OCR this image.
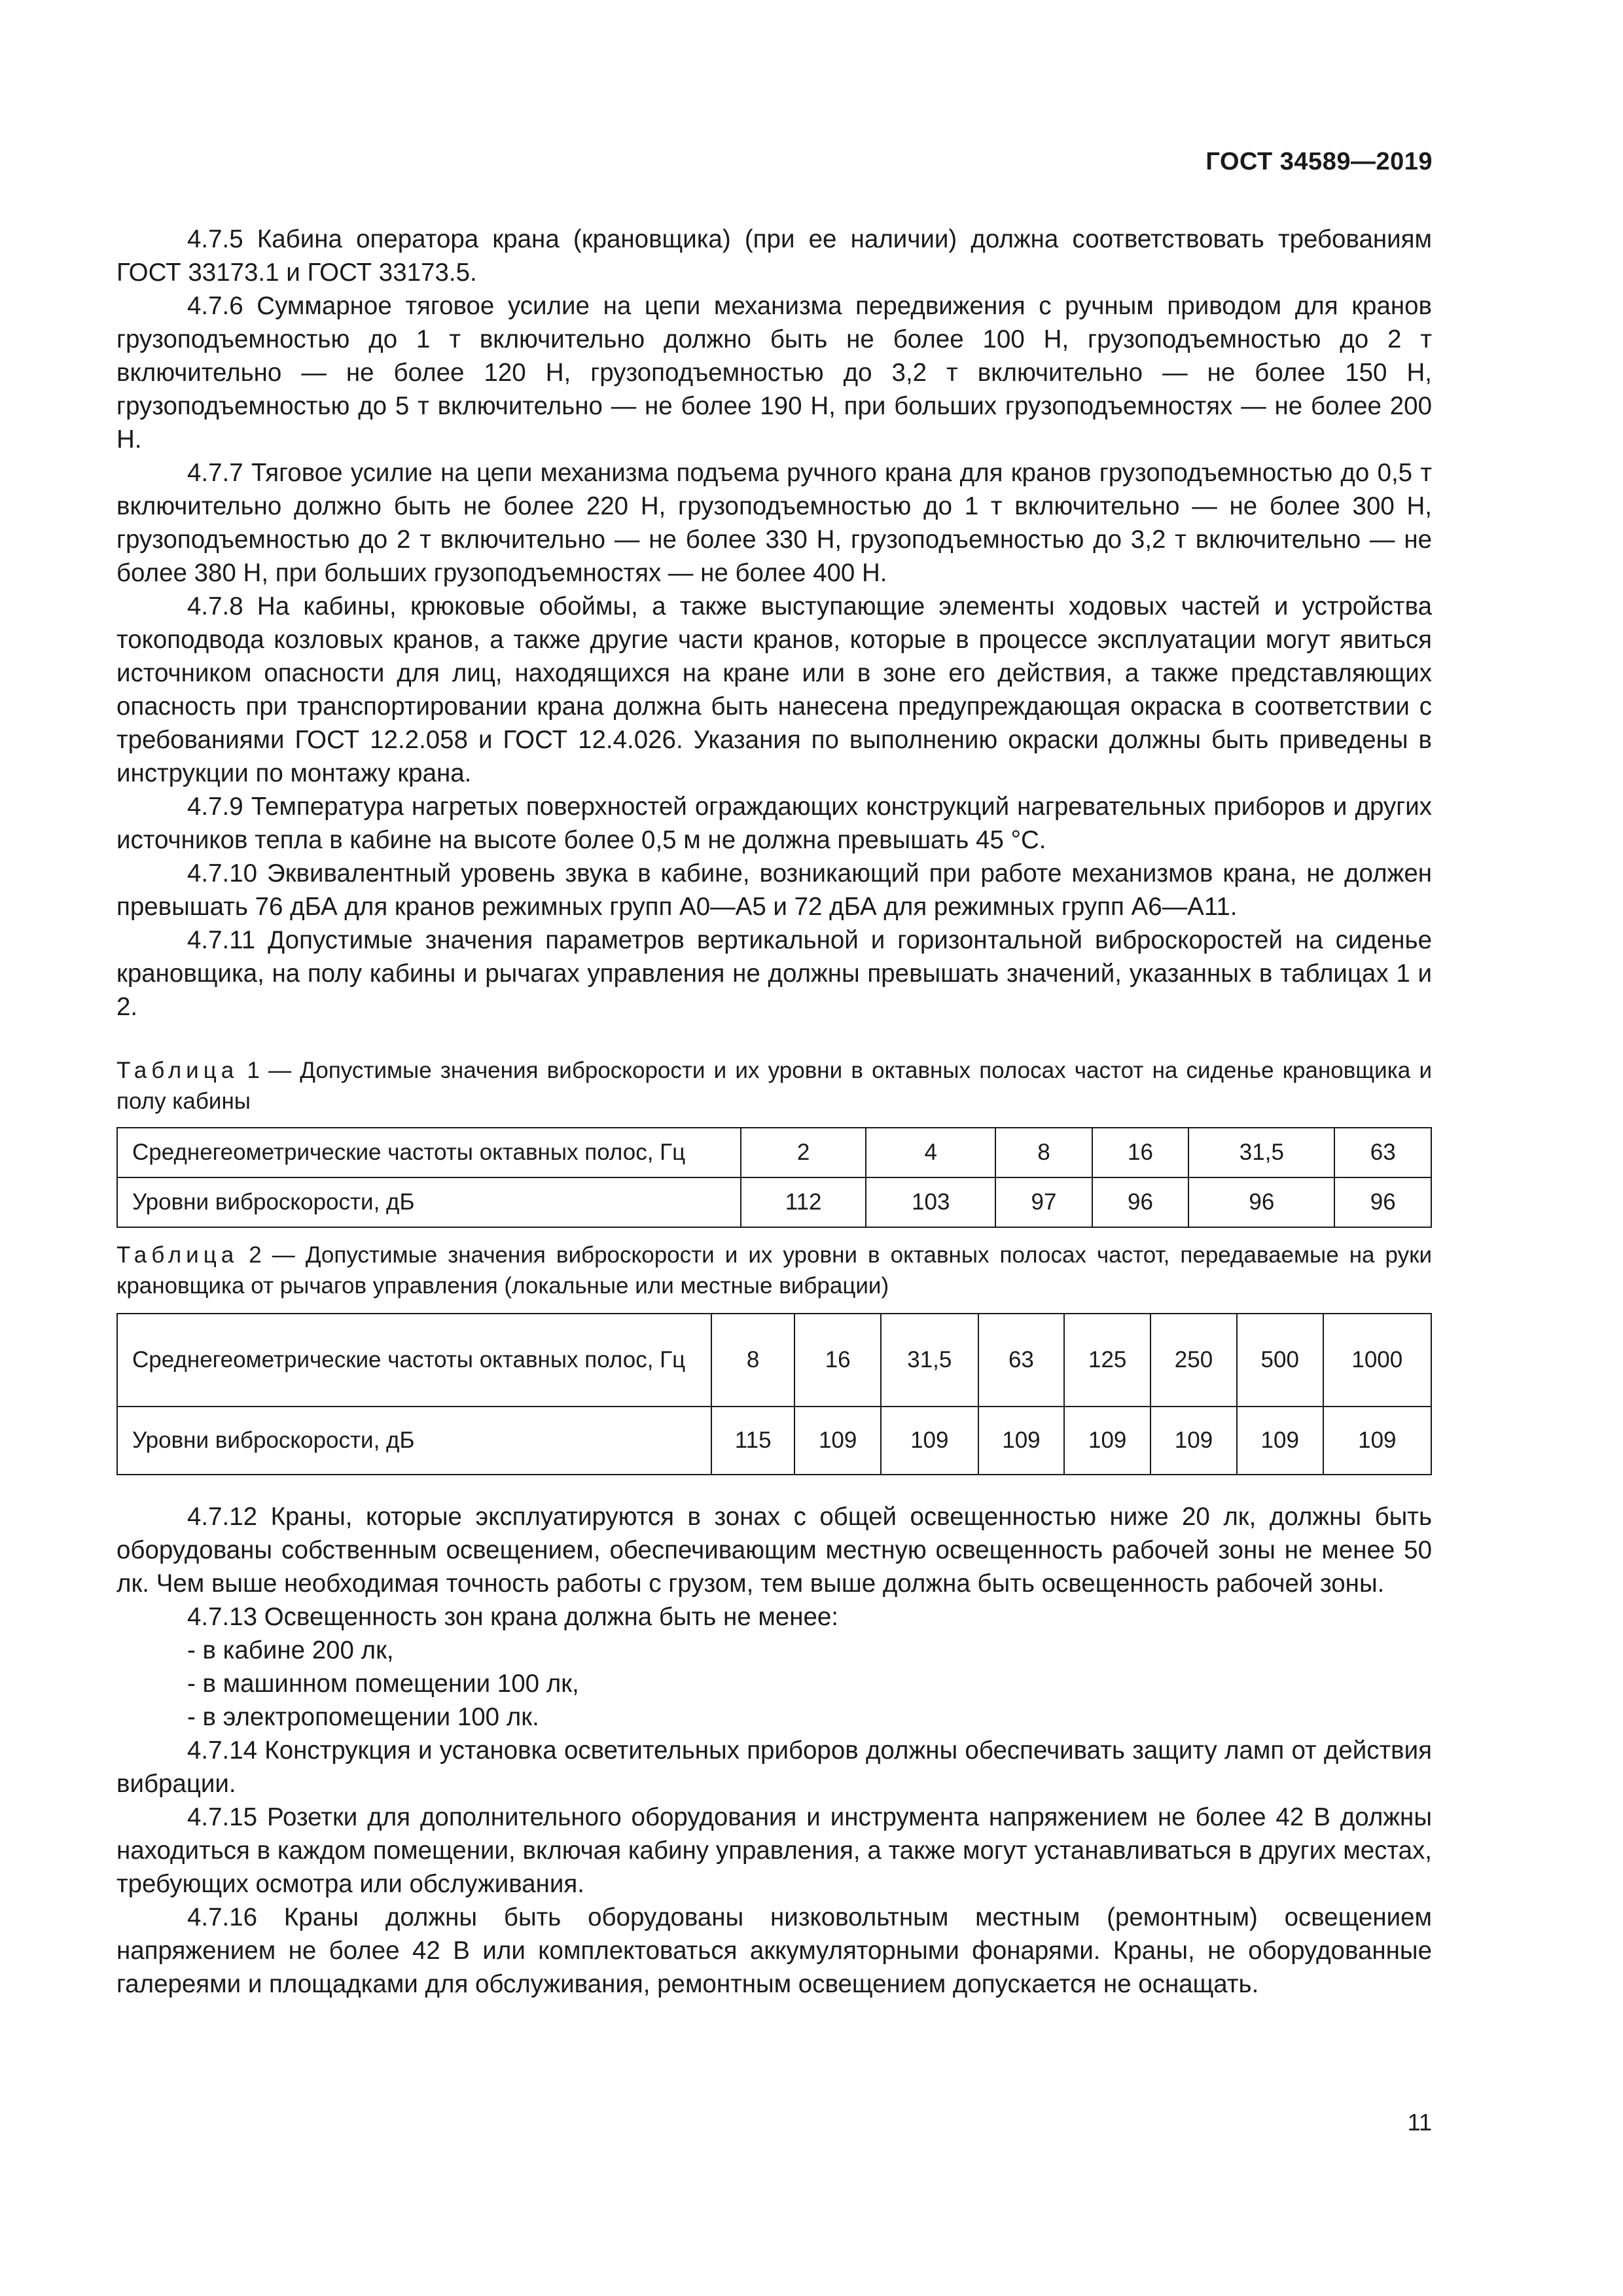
ГОСТ 34589—2019

4.7.5 Кабина оператора крана (крановщика) (при ее наличии) должна соответствовать требованиям ГОСТ 33173.1 и ГОСТ 33173.5.

4.7.6 Суммарное тяговое усилие на цепи механизма передвижения с ручным приводом для кранов грузоподъемностью до 1 т включительно должно быть не более 100 Н, грузоподъемностью до 2 т включительно — не более 120 Н, грузоподъемностью до 3,2 т включительно — не более 150 Н, грузоподъемностью до 5 т включительно — не более 190 Н, при больших грузоподъемностях — не более 200 Н.

4.7.7 Тяговое усилие на цепи механизма подъема ручного крана для кранов грузоподъемностью до 0,5 т включительно должно быть не более 220 Н, грузоподъемностью до 1 т включительно — не более 300 Н, грузоподъемностью до 2 т включительно — не более 330 Н, грузоподъемностью до 3,2 т включительно — не более 380 Н, при больших грузоподъемностях — не более 400 Н.

4.7.8 На кабины, крюковые обоймы, а также выступающие элементы ходовых частей и устройства токоподвода козловых кранов, а также другие части кранов, которые в процессе эксплуатации могут явиться источником опасности для лиц, находящихся на кране или в зоне его действия, а также представляющих опасность при транспортировании крана должна быть нанесена предупреждающая окраска в соответствии с требованиями ГОСТ 12.2.058 и ГОСТ 12.4.026. Указания по выполнению окраски должны быть приведены в инструкции по монтажу крана.

4.7.9 Температура нагретых поверхностей ограждающих конструкций нагревательных приборов и других источников тепла в кабине на высоте более 0,5 м не должна превышать 45 °С.

4.7.10 Эквивалентный уровень звука в кабине, возникающий при работе механизмов крана, не должен превышать 76 дБА для кранов режимных групп А0—А5 и 72 дБА для режимных групп А6—А11.

4.7.11 Допустимые значения параметров вертикальной и горизонтальной виброскоростей на сиденье крановщика, на полу кабины и рычагах управления не должны превышать значений, указанных в таблицах 1 и 2.

Таблица 1 — Допустимые значения виброскорости и их уровни в октавных полосах частот на сиденье крановщика и полу кабины

Среднегеометрические частоты октавных полос, Гц	2	4	8	16	31,5	63
Уровни виброскорости, дБ	112	103	97	96	96	96

Таблица 2 — Допустимые значения виброскорости и их уровни в октавных полосах частот, передаваемые на руки крановщика от рычагов управления (локальные или местные вибрации)

Среднегеометрические частоты октавных полос, Гц	8	16	31,5	63	125	250	500	1000
Уровни виброскорости, дБ	115	109	109	109	109	109	109	109

4.7.12 Краны, которые эксплуатируются в зонах с общей освещенностью ниже 20 лк, должны быть оборудованы собственным освещением, обеспечивающим местную освещенность рабочей зоны не менее 50 лк. Чем выше необходимая точность работы с грузом, тем выше должна быть освещенность рабочей зоны.

4.7.13 Освещенность зон крана должна быть не менее:

- в кабине 200 лк,

- в машинном помещении 100 лк,

- в электропомещении 100 лк.

4.7.14 Конструкция и установка осветительных приборов должны обеспечивать защиту ламп от действия вибрации.

4.7.15 Розетки для дополнительного оборудования и инструмента напряжением не более 42 В должны находиться в каждом помещении, включая кабину управления, а также могут устанавливаться в других местах, требующих осмотра или обслуживания.

4.7.16 Краны должны быть оборудованы низковольтным местным (ремонтным) освещением напряжением не более 42 В или комплектоваться аккумуляторными фонарями. Краны, не оборудованные галереями и площадками для обслуживания, ремонтным освещением допускается не оснащать.

11
